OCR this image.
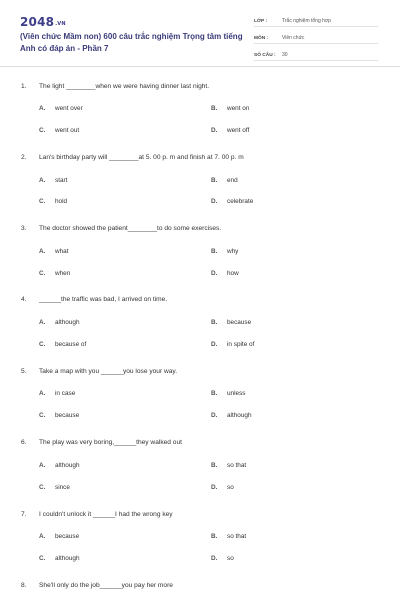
$2048^{.VN}$
(Viên chức Mầm non) 600 câu trắc nghiệm Trọng tâm tiếng Anh có đáp án - Phần 7
LỚP :	Trắc nghiệm tổng hợp
MÔN :	Viên chức
SỐ CÂU :	30
1. The light ________when we were having dinner last night.
A. went over	B. went on
C. went out	D. went off
2. Lan's birthday party will ________at 5. 00 p. m and finish at 7. 00 p. m
A. start	B. end
C. hold	D. celebrate
3. The doctor showed the patient________to do some exercises.
A. what	B. why
C. when	D. how
4. ______the traffic was bad, I arrived on time.
A. although	B. because
C. because of	D. in spite of
5. Take a map with you ______you lose your way.
A. in case	B. unless
C. because	D. although
6. The play was very boring,______they walked out
A. although	B. so that
C. since	D. so
7. I couldn't unlock it ______I had the wrong key
A. because	B. so that
C. although	D. so
8. She'll only do the job______you pay her more
